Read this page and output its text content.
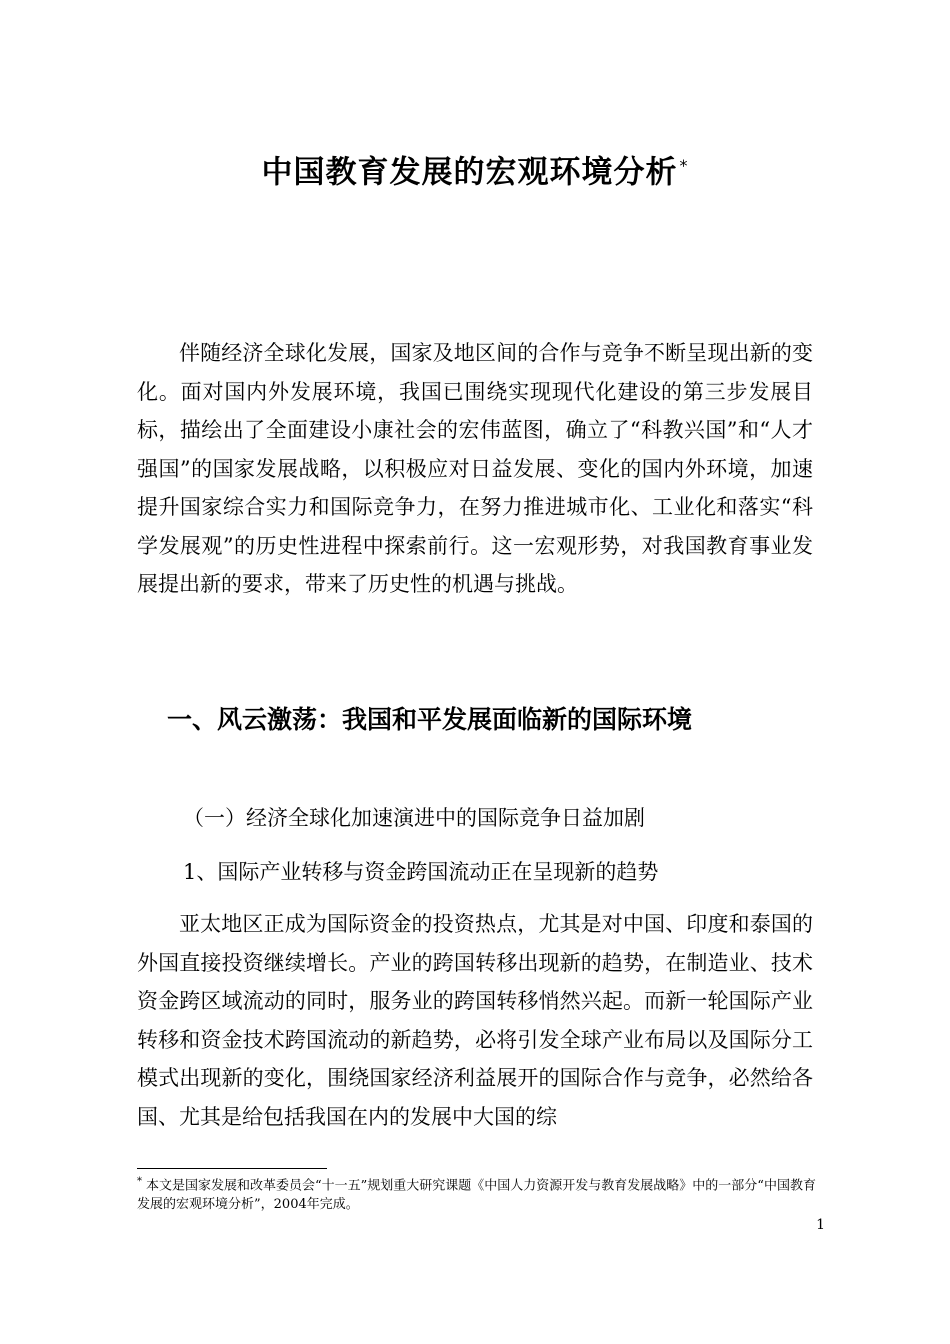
中国教育发展的宏观环境分析 *

伴随经济全球化发展，国家及地区间的合作与竞争不断呈现出新的变化。面对国内外发展环境，我国已围绕实现现代化建设的第三步发展目标，描绘出了全面建设小康社会的宏伟蓝图，确立了“科教兴国”和“人才强国”的国家发展战略，以积极应对日益发展、变化的国内外环境，加速提升国家综合实力和国际竞争力，在努力推进城市化、工业化和落实“科学发展观”的历史性进程中探索前行。这一宏观形势，对我国教育事业发展提出新的要求，带来了历史性的机遇与挑战。

一、风云激荡：我国和平发展面临新的国际环境
（一）经济全球化加速演进中的国际竞争日益加剧
1、国际产业转移与资金跨国流动正在呈现新的趋势

亚太地区正成为国际资金的投资热点，尤其是对中国、印度和泰国的外国直接投资继续增长。产业的跨国转移出现新的趋势，在制造业、技术资金跨区域流动的同时，服务业的跨国转移悄然兴起。而新一轮国际产业转移和资金技术跨国流动的新趋势，必将引发全球产业布局以及国际分工模式出现新的变化，围绕国家经济利益展开的国际合作与竞争，必然给各国、尤其是给包括我国在内的发展中大国的综

* 本文是国家发展和改革委员会“十一五”规划重大研究课题《中国人力资源开发与教育发展战略》中的一部分“中国教育发展的宏观环境分析”，2004年完成。
1
